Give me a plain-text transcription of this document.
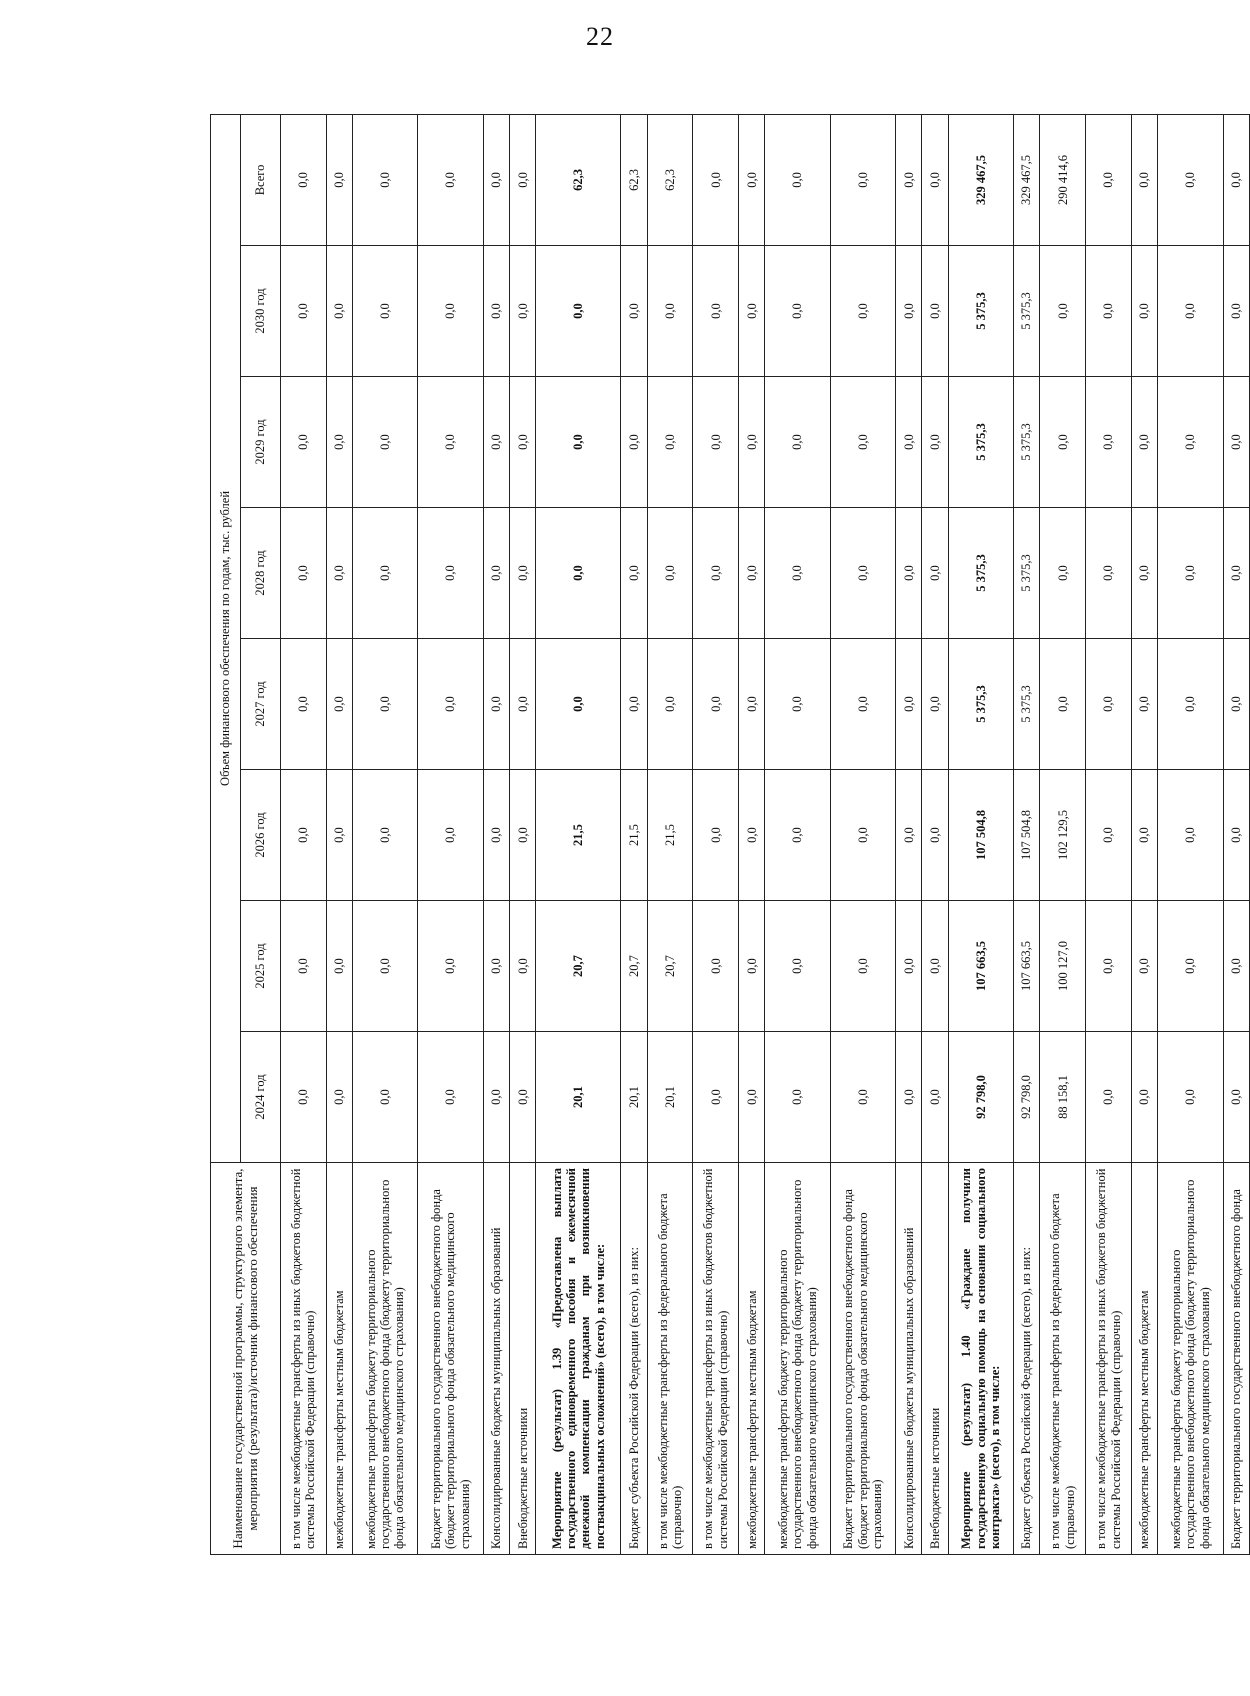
22
Наименование государственной программы, структурного элемента, мероприятия (результата)/источник финансового обеспечения	Объем финансового обеспечения по годам, тыс. рублей							
	2024 год	2025 год	2026 год	2027 год	2028 год	2029 год	2030 год	Всего
в том числе межбюджетные трансферты из иных бюджетов бюджетной системы Российской Федерации (справочно)	0,0	0,0	0,0	0,0	0,0	0,0	0,0	0,0
межбюджетные трансферты местным бюджетам	0,0	0,0	0,0	0,0	0,0	0,0	0,0	0,0
межбюджетные трансферты бюджету территориального государственного внебюджетного фонда (бюджету территориального фонда обязательного медицинского страхования)	0,0	0,0	0,0	0,0	0,0	0,0	0,0	0,0
Бюджет территориального государственного внебюджетного фонда (бюджет территориального фонда обязательного медицинского страхования)	0,0	0,0	0,0	0,0	0,0	0,0	0,0	0,0
Консолидированные бюджеты муниципальных образований	0,0	0,0	0,0	0,0	0,0	0,0	0,0	0,0
Внебюджетные источники	0,0	0,0	0,0	0,0	0,0	0,0	0,0	0,0
Мероприятие (результат) 1.39 «Предоставлена выплата государственного единовременного пособия и ежемесячной денежной компенсации гражданам при возникновении поствакцинальных осложнений» (всего), в том числе:	20,1	20,7	21,5	0,0	0,0	0,0	0,0	62,3
Бюджет субъекта Российской Федерации (всего), из них:	20,1	20,7	21,5	0,0	0,0	0,0	0,0	62,3
в том числе межбюджетные трансферты из федерального бюджета (справочно)	20,1	20,7	21,5	0,0	0,0	0,0	0,0	62,3
в том числе межбюджетные трансферты из иных бюджетов бюджетной системы Российской Федерации (справочно)	0,0	0,0	0,0	0,0	0,0	0,0	0,0	0,0
межбюджетные трансферты местным бюджетам	0,0	0,0	0,0	0,0	0,0	0,0	0,0	0,0
межбюджетные трансферты бюджету территориального государственного внебюджетного фонда (бюджету территориального фонда обязательного медицинского страхования)	0,0	0,0	0,0	0,0	0,0	0,0	0,0	0,0
Бюджет территориального государственного внебюджетного фонда (бюджет территориального фонда обязательного медицинского страхования)	0,0	0,0	0,0	0,0	0,0	0,0	0,0	0,0
Консолидированные бюджеты муниципальных образований	0,0	0,0	0,0	0,0	0,0	0,0	0,0	0,0
Внебюджетные источники	0,0	0,0	0,0	0,0	0,0	0,0	0,0	0,0
Мероприятие (результат) 1.40 «Граждане получили государственную социальную помощь на основании социального контракта» (всего), в том числе:	92 798,0	107 663,5	107 504,8	5 375,3	5 375,3	5 375,3	5 375,3	329 467,5
Бюджет субъекта Российской Федерации (всего), из них:	92 798,0	107 663,5	107 504,8	5 375,3	5 375,3	5 375,3	5 375,3	329 467,5
в том числе межбюджетные трансферты из федерального бюджета (справочно)	88 158,1	100 127,0	102 129,5	0,0	0,0	0,0	0,0	290 414,6
в том числе межбюджетные трансферты из иных бюджетов бюджетной системы Российской Федерации (справочно)	0,0	0,0	0,0	0,0	0,0	0,0	0,0	0,0
межбюджетные трансферты местным бюджетам	0,0	0,0	0,0	0,0	0,0	0,0	0,0	0,0
межбюджетные трансферты бюджету территориального государственного внебюджетного фонда (бюджету территориального фонда обязательного медицинского страхования)	0,0	0,0	0,0	0,0	0,0	0,0	0,0	0,0
Бюджет территориального государственного внебюджетного фонда	0,0	0,0	0,0	0,0	0,0	0,0	0,0	0,0
